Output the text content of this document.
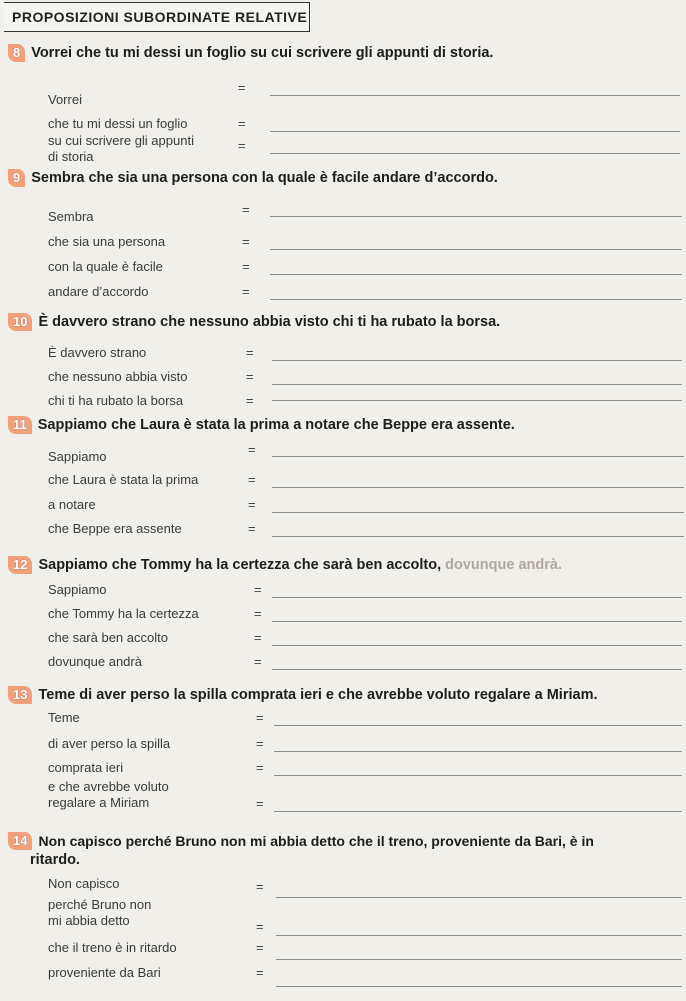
PROPOSIZIONI SUBORDINATE RELATIVE
8 Vorrei che tu mi dessi un foglio su cui scrivere gli appunti di storia.
Vorrei
=
che tu mi dessi un foglio	=
su cui scrivere gli appunti
di storia
=
9 Sembra che sia una persona con la quale è facile andare d’accordo.
Sembra	=
che sia una persona	=
con la quale è facile	=
andare d’accordo	=
10 È davvero strano che nessuno abbia visto chi ti ha rubato la borsa.
È davvero strano	=
che nessuno abbia visto	=
chi ti ha rubato la borsa	=
11 Sappiamo che Laura è stata la prima a notare che Beppe era assente.
Sappiamo	=
che Laura è stata la prima	=
a notare	=
che Beppe era assente	=
12 Sappiamo che Tommy ha la certezza che sarà ben accolto, dovunque andrà.
Sappiamo	=
che Tommy ha la certezza	=
che sarà ben accolto	=
dovunque andrà	=
13 Teme di aver perso la spilla comprata ieri e che avrebbe voluto regalare a Miriam.
Teme	=
di aver perso la spilla	=
comprata ieri	=
e che avrebbe voluto
regalare a Miriam	=
14 Non capisco perché Bruno non mi abbia detto che il treno, proveniente da Bari, è in
ritardo.
Non capisco	=
perché Bruno non
mi abbia detto	=
che il treno è in ritardo	=
proveniente da Bari	=
